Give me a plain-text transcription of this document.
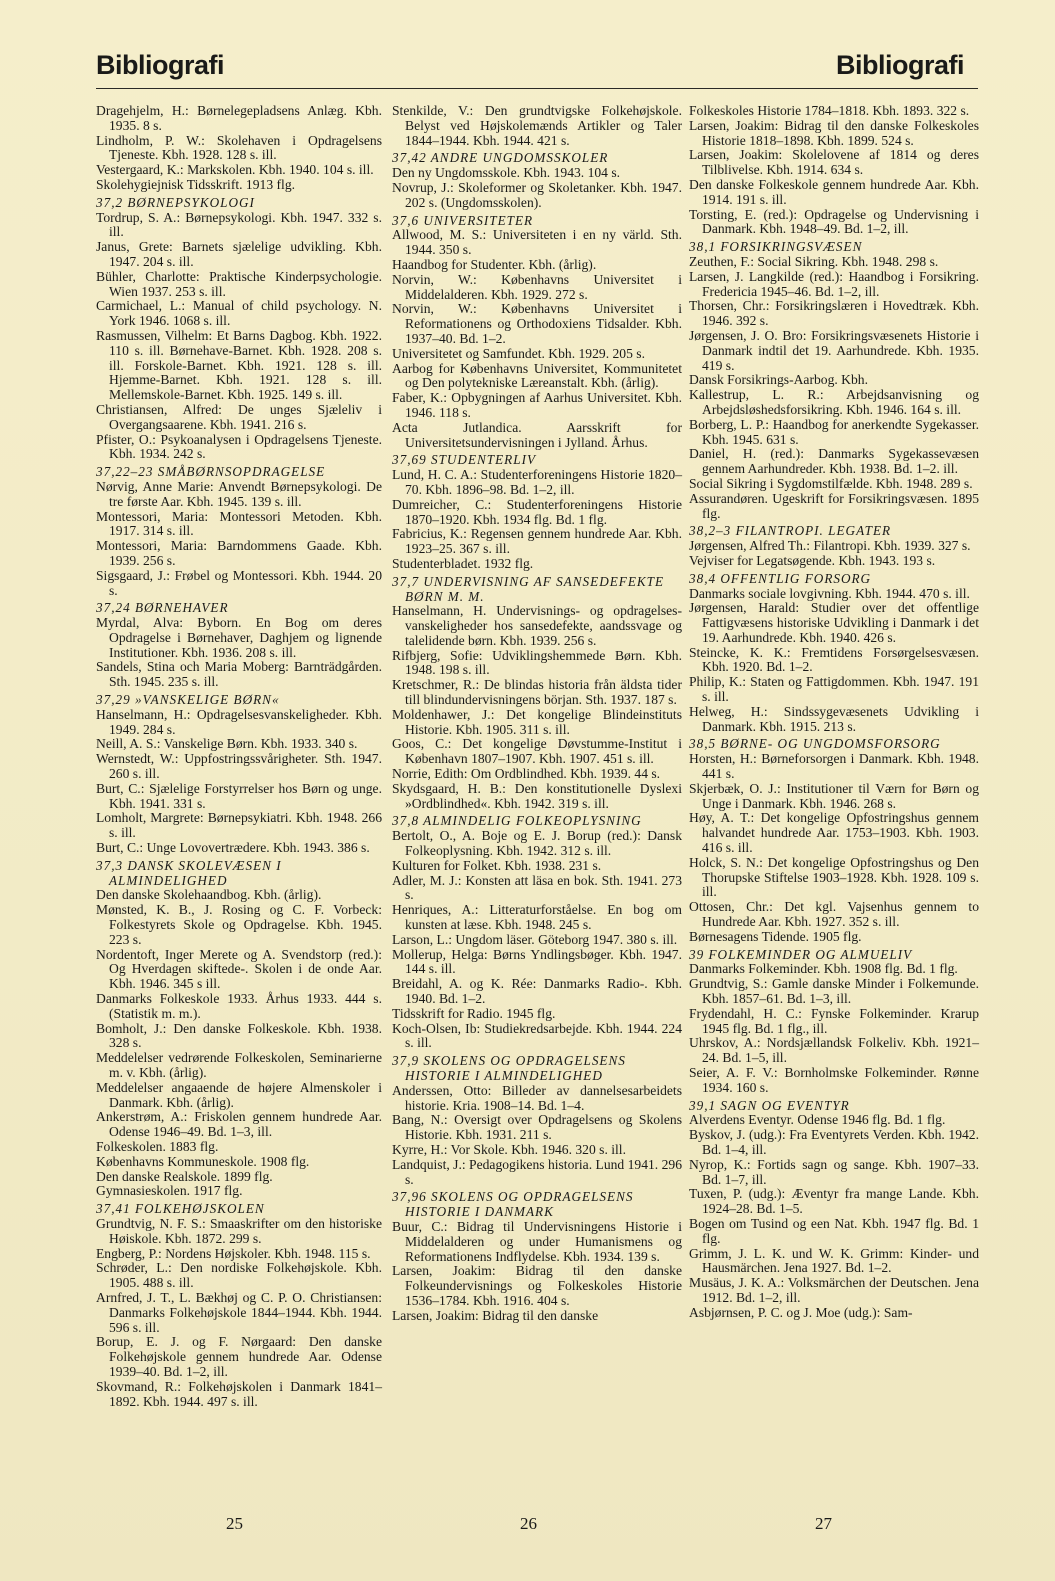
Bibliografi	Bibliografi

Dragehjelm, H.: Børnelegepladsens Anlæg. Kbh. 1935. 8 s.

Lindholm, P. W.: Skolehaven i Opdragelsens Tjeneste. Kbh. 1928. 128 s. ill.

Vestergaard, K.: Markskolen. Kbh. 1940. 104 s. ill.

Skolehygiejnisk Tidsskrift. 1913 flg.

37,2 BØRNEPSYKOLOGI

Tordrup, S. A.: Børnepsykologi. Kbh. 1947. 332 s. ill.

Janus, Grete: Barnets sjælelige udvikling. Kbh. 1947. 204 s. ill.

Bühler, Charlotte: Praktische Kinderpsychologie. Wien 1937. 253 s. ill.

Carmichael, L.: Manual of child psychology. N. York 1946. 1068 s. ill.

Rasmussen, Vilhelm: Et Barns Dagbog. Kbh. 1922. 110 s. ill. Børnehave-Barnet. Kbh. 1928. 208 s. ill. Forskole-Barnet. Kbh. 1921. 128 s. ill. Hjemme-Barnet. Kbh. 1921. 128 s. ill. Mellemskole-Barnet. Kbh. 1925. 149 s. ill.

Christiansen, Alfred: De unges Sjæleliv i Overgangsaarene. Kbh. 1941. 216 s.

Pfister, O.: Psykoanalysen i Opdragelsens Tjeneste. Kbh. 1934. 242 s.

37,22–23 SMÅBØRNSOPDRAGELSE

Nørvig, Anne Marie: Anvendt Børnepsykologi. De tre første Aar. Kbh. 1945. 139 s. ill.

Montessori, Maria: Montessori Metoden. Kbh. 1917. 314 s. ill.

Montessori, Maria: Barndommens Gaade. Kbh. 1939. 256 s.

Sigsgaard, J.: Frøbel og Montessori. Kbh. 1944. 20 s.

37,24 BØRNEHAVER

Myrdal, Alva: Byborn. En Bog om deres Opdragelse i Børnehaver, Daghjem og lignende Institutioner. Kbh. 1936. 208 s. ill.

Sandels, Stina och Maria Moberg: Barnträdgården. Sth. 1945. 235 s. ill.

37,29 »VANSKELIGE BØRN«

Hanselmann, H.: Opdragelsesvanskeligheder. Kbh. 1949. 284 s.

Neill, A. S.: Vanskelige Børn. Kbh. 1933. 340 s.

Wernstedt, W.: Uppfostringssvårigheter. Sth. 1947. 260 s. ill.

Burt, C.: Sjælelige Forstyrrelser hos Børn og unge. Kbh. 1941. 331 s.

Lomholt, Margrete: Børnepsykiatri. Kbh. 1948. 266 s. ill.

Burt, C.: Unge Lovovertrædere. Kbh. 1943. 386 s.

37,3 DANSK SKOLEVÆSEN I ALMINDELIGHED

Den danske Skolehaandbog. Kbh. (årlig).

Mønsted, K. B., J. Rosing og C. F. Vorbeck: Folkestyrets Skole og Opdragelse. Kbh. 1945. 223 s.

Nordentoft, Inger Merete og A. Svendstorp (red.): Og Hverdagen skiftede-. Skolen i de onde Aar. Kbh. 1946. 345 s ill.

Danmarks Folkeskole 1933. Århus 1933. 444 s. (Statistik m. m.).

Bomholt, J.: Den danske Folkeskole. Kbh. 1938. 328 s.

Meddelelser vedrørende Folkeskolen, Seminarierne m. v. Kbh. (årlig).

Meddelelser angaaende de højere Almenskoler i Danmark. Kbh. (årlig).

Ankerstrøm, A.: Friskolen gennem hundrede Aar. Odense 1946–49. Bd. 1–3, ill.

Folkeskolen. 1883 flg.

Københavns Kommuneskole. 1908 flg.

Den danske Realskole. 1899 flg.

Gymnasieskolen. 1917 flg.

37,41 FOLKEHØJSKOLEN

Grundtvig, N. F. S.: Smaaskrifter om den historiske Høiskole. Kbh. 1872. 299 s.

Engberg, P.: Nordens Højskoler. Kbh. 1948. 115 s.

Schrøder, L.: Den nordiske Folkehøjskole. Kbh. 1905. 488 s. ill.

Arnfred, J. T., L. Bækhøj og C. P. O. Christiansen: Danmarks Folkehøjskole 1844–1944. Kbh. 1944. 596 s. ill.

Borup, E. J. og F. Nørgaard: Den danske Folkehøjskole gennem hundrede Aar. Odense 1939–40. Bd. 1–2, ill.

Skovmand, R.: Folkehøjskolen i Danmark 1841–1892. Kbh. 1944. 497 s. ill.

Stenkilde, V.: Den grundtvigske Folkehøjskole. Belyst ved Højskolemænds Artikler og Taler 1844–1944. Kbh. 1944. 421 s.

37,42 ANDRE UNGDOMSSKOLER

Den ny Ungdomsskole. Kbh. 1943. 104 s.

Novrup, J.: Skoleformer og Skoletanker. Kbh. 1947. 202 s. (Ungdomsskolen).

37,6 UNIVERSITETER

Allwood, M. S.: Universiteten i en ny värld. Sth. 1944. 350 s.

Haandbog for Studenter. Kbh. (årlig).

Norvin, W.: Københavns Universitet i Middelalderen. Kbh. 1929. 272 s.

Norvin, W.: Københavns Universitet i Reformationens og Orthodoxiens Tidsalder. Kbh. 1937–40. Bd. 1–2.

Universitetet og Samfundet. Kbh. 1929. 205 s.

Aarbog for Københavns Universitet, Kommunitetet og Den polytekniske Læreanstalt. Kbh. (årlig).

Faber, K.: Opbygningen af Aarhus Universitet. Kbh. 1946. 118 s.

Acta Jutlandica. Aarsskrift for Universitetsundervisningen i Jylland. Århus.

37,69 STUDENTERLIV

Lund, H. C. A.: Studenterforeningens Historie 1820–70. Kbh. 1896–98. Bd. 1–2, ill.

Dumreicher, C.: Studenterforeningens Historie 1870–1920. Kbh. 1934 flg. Bd. 1 flg.

Fabricius, K.: Regensen gennem hundrede Aar. Kbh. 1923–25. 367 s. ill.

Studenterbladet. 1932 flg.

37,7 UNDERVISNING AF SANSEDEFEKTE BØRN M. M.

Hanselmann, H. Undervisnings- og opdragelses-vanskeligheder hos sansedefekte, aandssvage og talelidende børn. Kbh. 1939. 256 s.

Rifbjerg, Sofie: Udviklingshemmede Børn. Kbh. 1948. 198 s. ill.

Kretschmer, R.: De blindas historia från äldsta tider till blindundervisningens början. Sth. 1937. 187 s.

Moldenhawer, J.: Det kongelige Blindeinstituts Historie. Kbh. 1905. 311 s. ill.

Goos, C.: Det kongelige Døvstumme-Institut i København 1807–1907. Kbh. 1907. 451 s. ill.

Norrie, Edith: Om Ordblindhed. Kbh. 1939. 44 s.

Skydsgaard, H. B.: Den konstitutionelle Dyslexi »Ordblindhed«. Kbh. 1942. 319 s. ill.

37,8 ALMINDELIG FOLKEOPLYSNING

Bertolt, O., A. Boje og E. J. Borup (red.): Dansk Folkeoplysning. Kbh. 1942. 312 s. ill.

Kulturen for Folket. Kbh. 1938. 231 s.

Adler, M. J.: Konsten att läsa en bok. Sth. 1941. 273 s.

Henriques, A.: Litteraturforståelse. En bog om kunsten at læse. Kbh. 1948. 245 s.

Larson, L.: Ungdom läser. Göteborg 1947. 380 s. ill.

Mollerup, Helga: Børns Yndlingsbøger. Kbh. 1947. 144 s. ill.

Breidahl, A. og K. Rée: Danmarks Radio-. Kbh. 1940. Bd. 1–2.

Tidsskrift for Radio. 1945 flg.

Koch-Olsen, Ib: Studiekredsarbejde. Kbh. 1944. 224 s. ill.

37,9 SKOLENS OG OPDRAGELSENS HISTORIE I ALMINDELIGHED

Anderssen, Otto: Billeder av dannelsesarbeidets historie. Kria. 1908–14. Bd. 1–4.

Bang, N.: Oversigt over Opdragelsens og Skolens Historie. Kbh. 1931. 211 s.

Kyrre, H.: Vor Skole. Kbh. 1946. 320 s. ill.

Landquist, J.: Pedagogikens historia. Lund 1941. 296 s.

37,96 SKOLENS OG OPDRAGELSENS HISTORIE I DANMARK

Buur, C.: Bidrag til Undervisningens Historie i Middelalderen og under Humanismens og Reformationens Indflydelse. Kbh. 1934. 139 s.

Larsen, Joakim: Bidrag til den danske Folkeundervisnings og Folkeskoles Historie 1536–1784. Kbh. 1916. 404 s.

Larsen, Joakim: Bidrag til den danske

Folkeskoles Historie 1784–1818. Kbh. 1893. 322 s.

Larsen, Joakim: Bidrag til den danske Folkeskoles Historie 1818–1898. Kbh. 1899. 524 s.

Larsen, Joakim: Skolelovene af 1814 og deres Tilblivelse. Kbh. 1914. 634 s.

Den danske Folkeskole gennem hundrede Aar. Kbh. 1914. 191 s. ill.

Torsting, E. (red.): Opdragelse og Undervisning i Danmark. Kbh. 1948–49. Bd. 1–2, ill.

38,1 FORSIKRINGSVÆSEN

Zeuthen, F.: Social Sikring. Kbh. 1948. 298 s.

Larsen, J. Langkilde (red.): Haandbog i Forsikring. Fredericia 1945–46. Bd. 1–2, ill.

Thorsen, Chr.: Forsikringslæren i Hovedtræk. Kbh. 1946. 392 s.

Jørgensen, J. O. Bro: Forsikringsvæsenets Historie i Danmark indtil det 19. Aarhundrede. Kbh. 1935. 419 s.

Dansk Forsikrings-Aarbog. Kbh.

Kallestrup, L. R.: Arbejdsanvisning og Arbejdsløshedsforsikring. Kbh. 1946. 164 s. ill.

Borberg, L. P.: Haandbog for anerkendte Sygekasser. Kbh. 1945. 631 s.

Daniel, H. (red.): Danmarks Sygekassevæsen gennem Aarhundreder. Kbh. 1938. Bd. 1–2. ill.

Social Sikring i Sygdomstilfælde. Kbh. 1948. 289 s.

Assurandøren. Ugeskrift for Forsikringsvæsen. 1895 flg.

38,2–3 FILANTROPI. LEGATER

Jørgensen, Alfred Th.: Filantropi. Kbh. 1939. 327 s.

Vejviser for Legatsøgende. Kbh. 1943. 193 s.

38,4 OFFENTLIG FORSORG

Danmarks sociale lovgivning. Kbh. 1944. 470 s. ill.

Jørgensen, Harald: Studier over det offentlige Fattigvæsens historiske Udvikling i Danmark i det 19. Aarhundrede. Kbh. 1940. 426 s.

Steincke, K. K.: Fremtidens Forsørgelsesvæsen. Kbh. 1920. Bd. 1–2.

Philip, K.: Staten og Fattigdommen. Kbh. 1947. 191 s. ill.

Helweg, H.: Sindssygevæsenets Udvikling i Danmark. Kbh. 1915. 213 s.

38,5 BØRNE- OG UNGDOMSFORSORG

Horsten, H.: Børneforsorgen i Danmark. Kbh. 1948. 441 s.

Skjerbæk, O. J.: Institutioner til Værn for Børn og Unge i Danmark. Kbh. 1946. 268 s.

Høy, A. T.: Det kongelige Opfostringshus gennem halvandet hundrede Aar. 1753–1903. Kbh. 1903. 416 s. ill.

Holck, S. N.: Det kongelige Opfostringshus og Den Thorupske Stiftelse 1903–1928. Kbh. 1928. 109 s. ill.

Ottosen, Chr.: Det kgl. Vajsenhus gennem to Hundrede Aar. Kbh. 1927. 352 s. ill.

Børnesagens Tidende. 1905 flg.

39 FOLKEMINDER OG ALMUELIV

Danmarks Folkeminder. Kbh. 1908 flg. Bd. 1 flg.

Grundtvig, S.: Gamle danske Minder i Folkemunde. Kbh. 1857–61. Bd. 1–3, ill.

Frydendahl, H. C.: Fynske Folkeminder. Krarup 1945 flg. Bd. 1 flg., ill.

Uhrskov, A.: Nordsjællandsk Folkeliv. Kbh. 1921–24. Bd. 1–5, ill.

Seier, A. F. V.: Bornholmske Folkeminder. Rønne 1934. 160 s.

39,1 SAGN OG EVENTYR

Alverdens Eventyr. Odense 1946 flg. Bd. 1 flg.

Byskov, J. (udg.): Fra Eventyrets Verden. Kbh. 1942. Bd. 1–4, ill.

Nyrop, K.: Fortids sagn og sange. Kbh. 1907–33. Bd. 1–7, ill.

Tuxen, P. (udg.): Æventyr fra mange Lande. Kbh. 1924–28. Bd. 1–5.

Bogen om Tusind og een Nat. Kbh. 1947 flg. Bd. 1 flg.

Grimm, J. L. K. und W. K. Grimm: Kinder- und Hausmärchen. Jena 1927. Bd. 1–2.

Musäus, J. K. A.: Volksmärchen der Deutschen. Jena 1912. Bd. 1–2, ill.

Asbjørnsen, P. C. og J. Moe (udg.): Sam-

25	26	27
